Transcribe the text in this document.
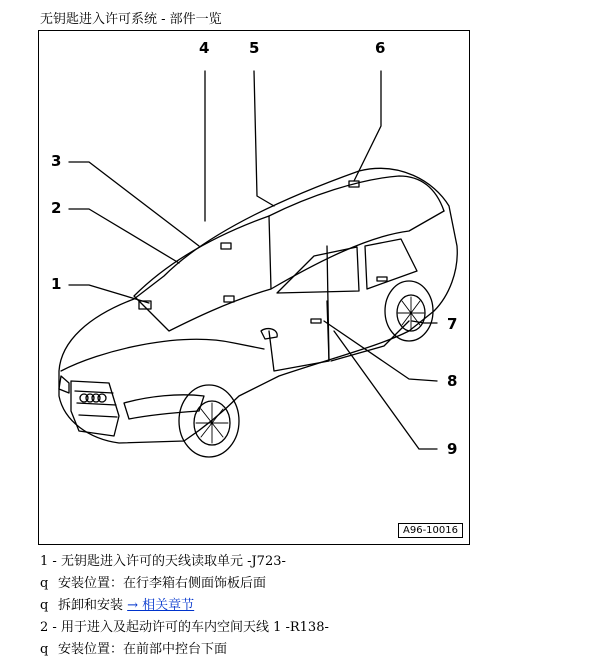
无钥匙进入许可系统 - 部件一览
1
2
3
4	5	6
7
8
9
A96-10016
1 - 无钥匙进入许可的天线读取单元 -J723-
q 安装位置：在行李箱右侧面饰板后面
q 拆卸和安装 → 相关章节
2 - 用于进入及起动许可的车内空间天线 1 -R138-
q 安装位置：在前部中控台下面
